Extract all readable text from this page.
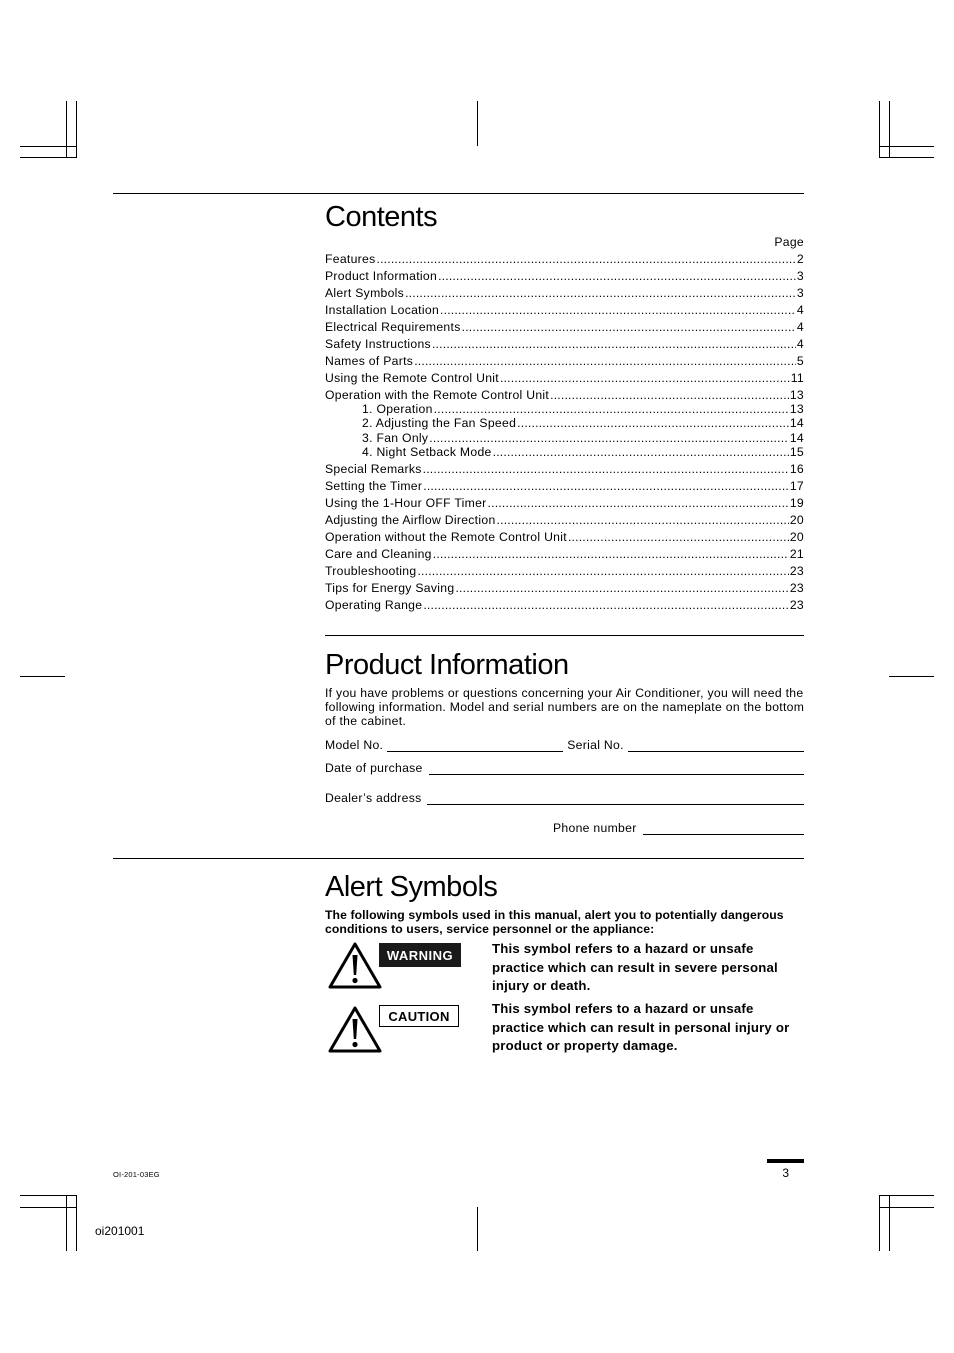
Contents
Page
Features .....	2
Product Information .....	3
Alert Symbols .....	3
Installation Location .....	4
Electrical Requirements .....	4
Safety Instructions .....	4
Names of Parts .....	5
Using the Remote Control Unit .....	11
Operation with the Remote Control Unit .....	13
1. Operation .....	13
2. Adjusting the Fan Speed .....	14
3. Fan Only .....	14
4. Night Setback Mode .....	15
Special Remarks .....	16
Setting the Timer .....	17
Using the 1-Hour OFF Timer .....	19
Adjusting the Airflow Direction .....	20
Operation without the Remote Control Unit .....	20
Care and Cleaning .....	21
Troubleshooting .....	23
Tips for Energy Saving .....	23
Operating Range .....	23
Product Information
If you have problems or questions concerning your Air Conditioner, you will need the following information. Model and serial numbers are on the nameplate on the bottom of the cabinet.
Model No.	Serial No.
Date of purchase
Dealer’s address
Phone number
Alert Symbols
The following symbols used in this manual, alert you to potentially dangerous conditions to users, service personnel or the appliance:
WARNING	This symbol refers to a hazard or unsafe practice which can result in severe personal injury or death.
CAUTION	This symbol refers to a hazard or unsafe practice which can result in personal injury or product or property damage.
OI-201-03EG	3
oi201001
